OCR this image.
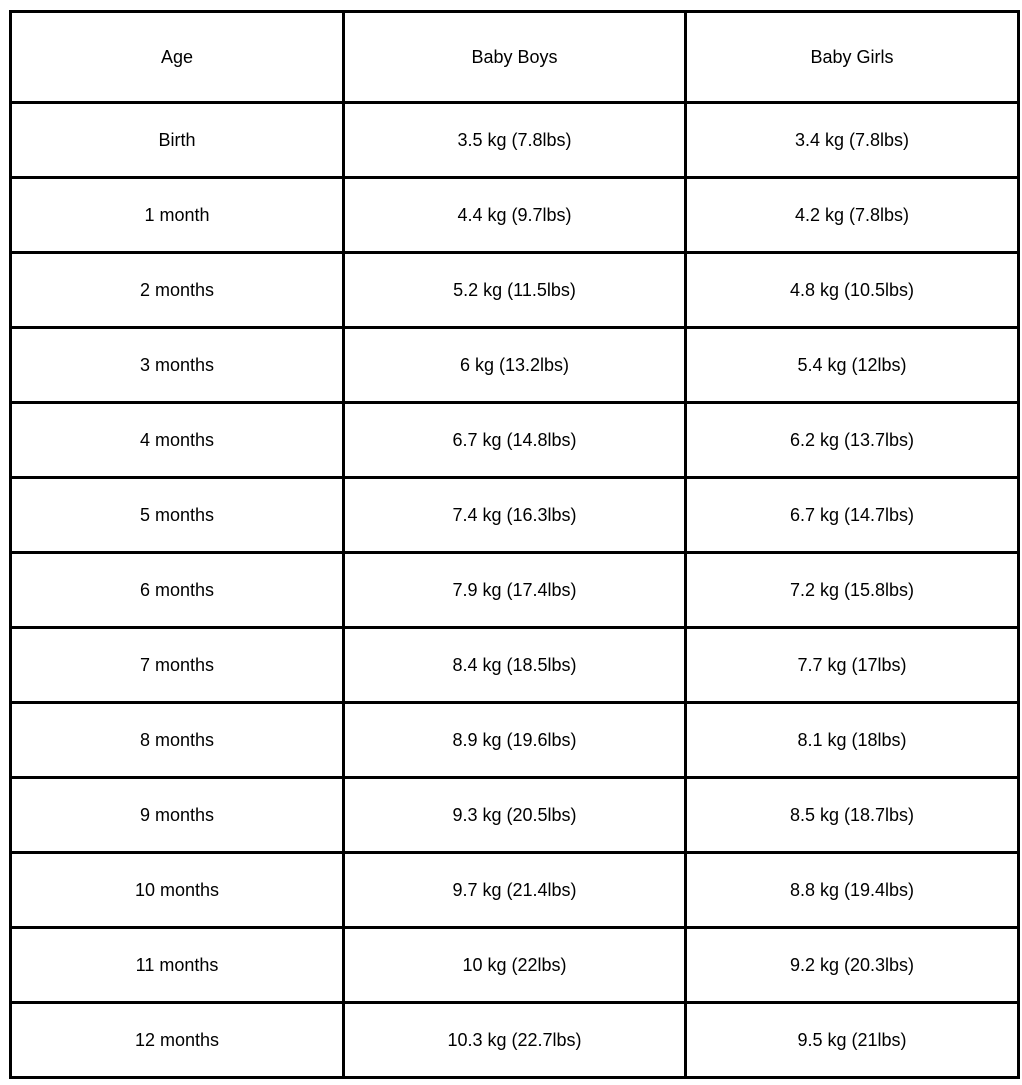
Age	Baby Boys	Baby Girls
Birth	3.5 kg (7.8lbs)	3.4 kg (7.8lbs)
1 month	4.4 kg (9.7lbs)	4.2 kg (7.8lbs)
2 months	5.2 kg (11.5lbs)	4.8 kg (10.5lbs)
3 months	6 kg (13.2lbs)	5.4 kg (12lbs)
4 months	6.7 kg (14.8lbs)	6.2 kg (13.7lbs)
5 months	7.4 kg (16.3lbs)	6.7 kg (14.7lbs)
6 months	7.9 kg (17.4lbs)	7.2 kg (15.8lbs)
7 months	8.4 kg (18.5lbs)	7.7 kg (17lbs)
8 months	8.9 kg (19.6lbs)	8.1 kg (18lbs)
9 months	9.3 kg (20.5lbs)	8.5 kg (18.7lbs)
10 months	9.7 kg (21.4lbs)	8.8 kg (19.4lbs)
11 months	10 kg (22lbs)	9.2 kg (20.3lbs)
12 months	10.3 kg (22.7lbs)	9.5 kg (21lbs)
